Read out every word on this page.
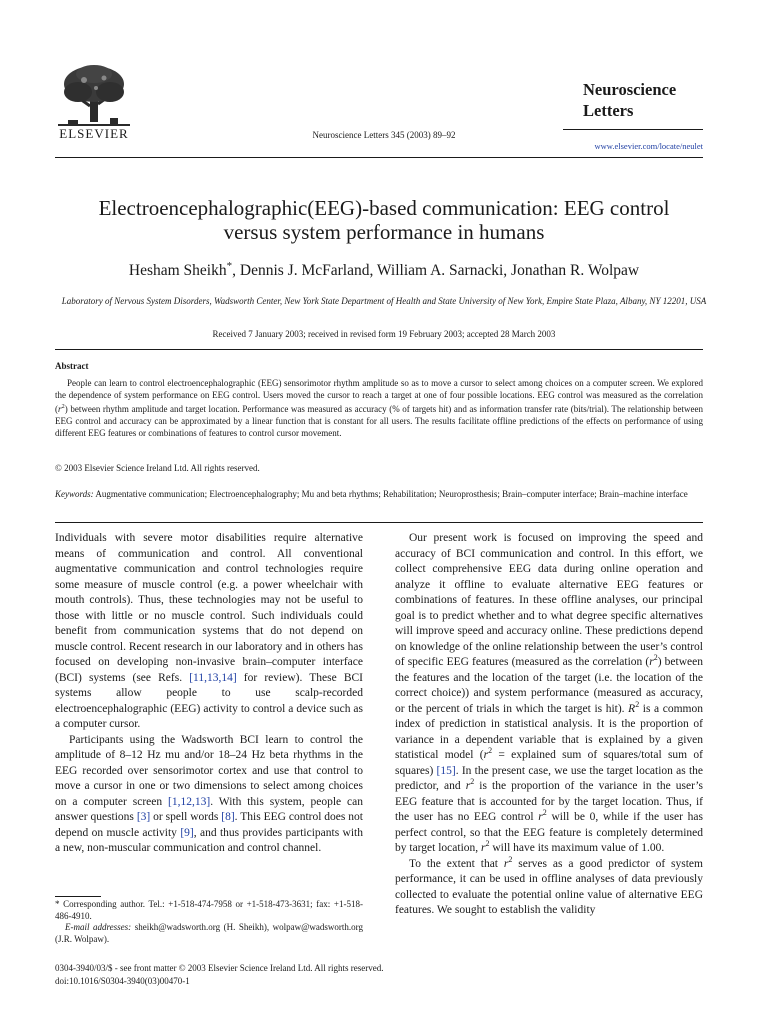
ELSEVIER	Neuroscience Letters 345 (2003) 89–92
Neuroscience
Letters
www.elsevier.com/locate/neulet
Electroencephalographic(EEG)-based communication: EEG control
versus system performance in humans
Hesham Sheikh*, Dennis J. McFarland, William A. Sarnacki, Jonathan R. Wolpaw
Laboratory of Nervous System Disorders, Wadsworth Center, New York State Department of Health and State University of New York, Empire State Plaza, Albany, NY 12201, USA
Received 7 January 2003; received in revised form 19 February 2003; accepted 28 March 2003
Abstract

People can learn to control electroencephalographic (EEG) sensorimotor rhythm amplitude so as to move a cursor to select among choices on a computer screen. We explored the dependence of system performance on EEG control. Users moved the cursor to reach a target at one of four possible locations. EEG control was measured as the correlation $(r^2)$ between rhythm amplitude and target location. Performance was measured as accuracy (% of targets hit) and as information transfer rate (bits/trial). The relationship between EEG control and accuracy can be approximated by a linear function that is constant for all users. The results facilitate offline predictions of the effects on performance of using different EEG features or combinations of features to control cursor movement.

© 2003 Elsevier Science Ireland Ltd. All rights reserved.
Keywords: Augmentative communication; Electroencephalography; Mu and beta rhythms; Rehabilitation; Neuroprosthesis; Brain–computer interface; Brain–machine interface

Individuals with severe motor disabilities require alternative means of communication and control. All conventional augmentative communication and control technologies require some measure of muscle control (e.g. a power wheelchair with mouth controls). Thus, these technologies may not be useful to those with little or no muscle control. Such individuals could benefit from communication systems that do not depend on muscle control. Recent research in our laboratory and in others has focused on developing non-invasive brain–computer interface (BCI) systems (see Refs. [11,13,14] for review). These BCI systems allow people to use scalp-recorded electroencephalographic (EEG) activity to control a device such as a computer cursor.

Participants using the Wadsworth BCI learn to control the amplitude of 8–12 Hz mu and/or 18–24 Hz beta rhythms in the EEG recorded over sensorimotor cortex and use that control to move a cursor in one or two dimensions to select among choices on a computer screen [1,12,13]. With this system, people can answer questions [3] or spell words [8]. This EEG control does not depend on muscle activity [9], and thus provides participants with a new, non-muscular communication and control channel.

Our present work is focused on improving the speed and accuracy of BCI communication and control. In this effort, we collect comprehensive EEG data during online operation and analyze it offline to evaluate alternative EEG features or combinations of features. In these offline analyses, our principal goal is to predict whether and to what degree specific alternatives will improve speed and accuracy online. These predictions depend on knowledge of the online relationship between the user’s control of specific EEG features (measured as the correlation $(r^2)$ between the features and the location of the target (i.e. the location of the correct choice)) and system performance (measured as accuracy, or the percent of trials in which the target is hit). $R^2$ is a common index of prediction in statistical analysis. It is the proportion of variance in a dependent variable that is explained by a given statistical model ($r^2$ = explained sum of squares/total sum of squares) [15]. In the present case, we use the target location as the predictor, and $r^2$ is the proportion of the variance in the user’s EEG feature that is accounted for by the target location. Thus, if the user has no EEG control $r^2$ will be 0, while if the user has perfect control, so that the EEG feature is completely determined by target location, $r^2$ will have its maximum value of 1.00.

To the extent that $r^2$ serves as a good predictor of system performance, it can be used in offline analyses of data previously collected to evaluate the potential online value of alternative EEG features. We sought to establish the validity

* Corresponding author. Tel.: +1-518-474-7958 or +1-518-473-3631; fax: +1-518-486-4910.

E-mail addresses: sheikh@wadsworth.org (H. Sheikh), wolpaw@wadsworth.org (J.R. Wolpaw).

0304-3940/03/$ - see front matter © 2003 Elsevier Science Ireland Ltd. All rights reserved.
doi:10.1016/S0304-3940(03)00470-1
